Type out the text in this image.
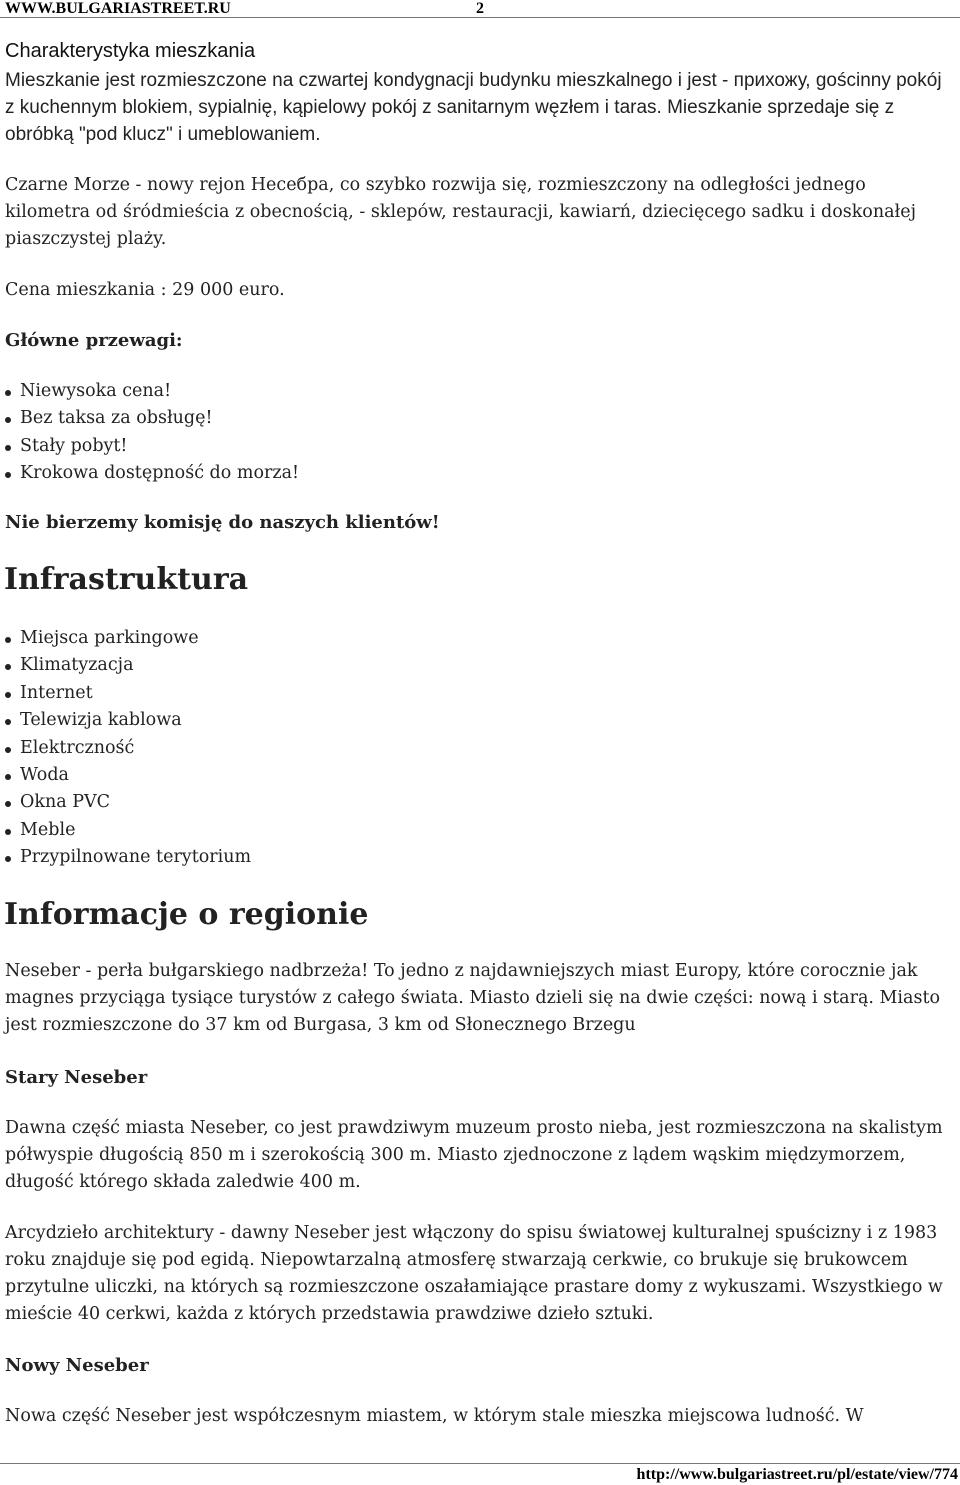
WWW.BULGARIASTREET.RU	2
Charakterystyka mieszkania
Mieszkanie jest rozmieszczone na czwartej kondygnacji budynku mieszkalnego i jest - прихожу, gościnny pokój z kuchennym blokiem, sypialnię, kąpielowy pokój z sanitarnym węzłem i taras. Mieszkanie sprzedaje się z obróbką "pod klucz" i umeblowaniem.
Czarne Morze - nowy rejon Несебра, co szybko rozwija się, rozmieszczony na odległości jednego kilometra od śródmieścia z obecnością, - sklepów, restauracji, kawiarń, dziecięcego sadku i doskonałej piaszczystej plaży.
Cena mieszkania : 29 000 euro.
Główne przewagi:
Niewysoka cena!
Bez taksa za obsługę!
Stały pobyt!
Krokowa dostępność do morza!
Nie bierzemy komisję do naszych klientów!
Infrastruktura
Miejsca parkingowe
Klimatyzacja
Internet
Telewizja kablowa
Elektrczność
Woda
Okna PVC
Meble
Przypilnowane terytorium
Informacje o regionie
Neseber - perła bułgarskiego nadbrzeża! To jedno z najdawniejszych miast Europy, które corocznie jak magnes przyciąga tysiące turystów z całego świata. Miasto dzieli się na dwie części: nową i starą. Miasto jest rozmieszczone do 37 km od Burgasa, 3 km od Słonecznego Brzegu
Stary Neseber
Dawna część miasta Neseber, co jest prawdziwym muzeum prosto nieba, jest rozmieszczona na skalistym półwyspie długością 850 m i szerokością 300 m. Miasto zjednoczone z lądem wąskim międzymorzem, długość którego składa zaledwie 400 m.
Arcydzieło architektury - dawny Neseber jest włączony do spisu światowej kulturalnej spuścizny i z 1983 roku znajduje się pod egidą. Niepowtarzalną atmosferę stwarzają cerkwie, co brukuje się brukowcem przytulne uliczki, na których są rozmieszczone oszałamiające prastare domy z wykuszami. Wszystkiego w mieście 40 cerkwi, każda z których przedstawia prawdziwe dzieło sztuki.
Nowy Neseber
Nowa część Neseber jest współczesnym miastem, w którym stale mieszka miejscowa ludność. W
http://www.bulgariastreet.ru/pl/estate/view/774
